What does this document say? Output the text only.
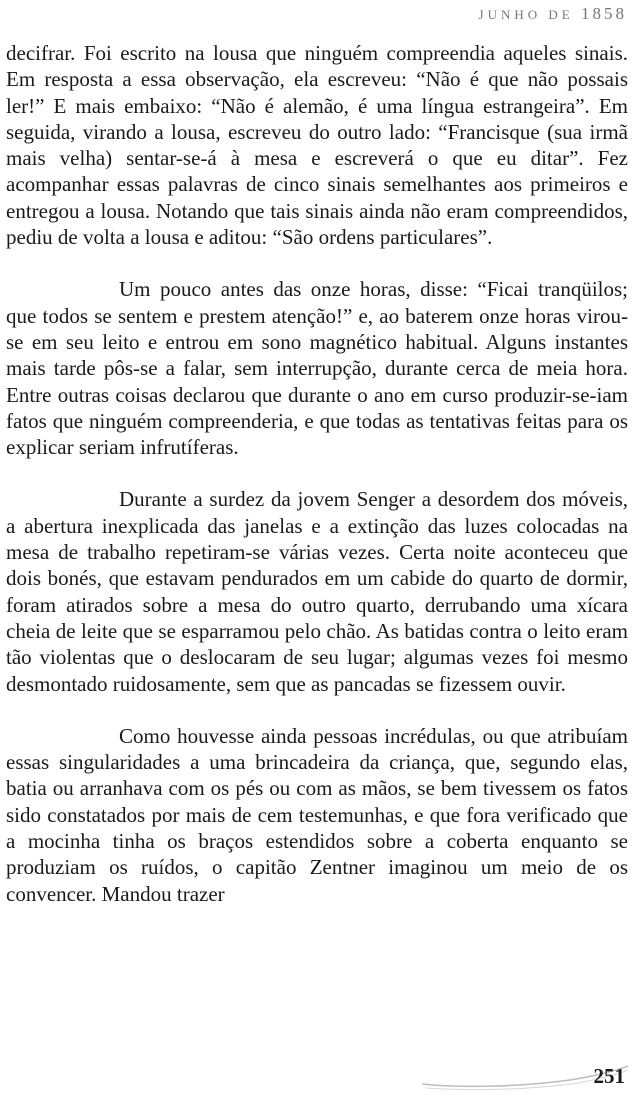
JUNHO DE 1858

decifrar. Foi escrito na lousa que ninguém compreendia aqueles sinais. Em resposta a essa observação, ela escreveu: “Não é que não possais ler!” E mais embaixo: “Não é alemão, é uma língua estrangeira”. Em seguida, virando a lousa, escreveu do outro lado: “Francisque (sua irmã mais velha) sentar-se-á à mesa e escreverá o que eu ditar”. Fez acompanhar essas palavras de cinco sinais semelhantes aos primeiros e entregou a lousa. Notando que tais sinais ainda não eram compreendidos, pediu de volta a lousa e aditou: “São ordens particulares”.

Um pouco antes das onze horas, disse: “Ficai tranqüilos; que todos se sentem e prestem atenção!” e, ao baterem onze horas virou-se em seu leito e entrou em sono magnético habitual. Alguns instantes mais tarde pôs-se a falar, sem interrupção, durante cerca de meia hora. Entre outras coisas declarou que durante o ano em curso produzir-se-iam fatos que ninguém compreenderia, e que todas as tentativas feitas para os explicar seriam infrutíferas.

Durante a surdez da jovem Senger a desordem dos móveis, a abertura inexplicada das janelas e a extinção das luzes colocadas na mesa de trabalho repetiram-se várias vezes. Certa noite aconteceu que dois bonés, que estavam pendurados em um cabide do quarto de dormir, foram atirados sobre a mesa do outro quarto, derrubando uma xícara cheia de leite que se esparramou pelo chão. As batidas contra o leito eram tão violentas que o deslocaram de seu lugar; algumas vezes foi mesmo desmontado ruidosamente, sem que as pancadas se fizessem ouvir.

Como houvesse ainda pessoas incrédulas, ou que atribuíam essas singularidades a uma brincadeira da criança, que, segundo elas, batia ou arranhava com os pés ou com as mãos, se bem tivessem os fatos sido constatados por mais de cem testemunhas, e que fora verificado que a mocinha tinha os braços estendidos sobre a coberta enquanto se produziam os ruídos, o capitão Zentner imaginou um meio de os convencer. Mandou trazer

251
